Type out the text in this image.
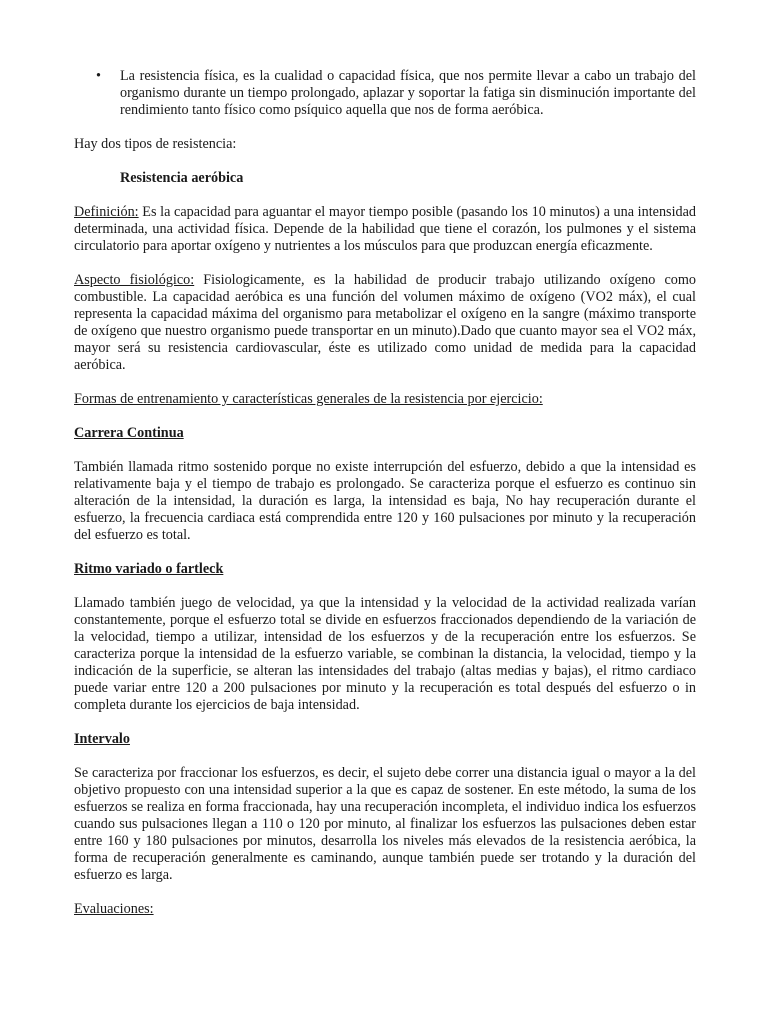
• La resistencia física, es la cualidad o capacidad física, que nos permite llevar a cabo un trabajo del organismo durante un tiempo prolongado, aplazar y soportar la fatiga sin disminución importante del rendimiento tanto físico como psíquico aquella que nos de forma aeróbica.

Hay dos tipos de resistencia:

Resistencia aeróbica

Definición: Es la capacidad para aguantar el mayor tiempo posible (pasando los 10 minutos) a una intensidad determinada, una actividad física. Depende de la habilidad que tiene el corazón, los pulmones y el sistema circulatorio para aportar oxígeno y nutrientes a los músculos para que produzcan energía eficazmente.

Aspecto fisiológico: Fisiologicamente, es la habilidad de producir trabajo utilizando oxígeno como combustible. La capacidad aeróbica es una función del volumen máximo de oxígeno (VO2 máx), el cual representa la capacidad máxima del organismo para metabolizar el oxígeno en la sangre (máximo transporte de oxígeno que nuestro organismo puede transportar en un minuto).Dado que cuanto mayor sea el VO2 máx, mayor será su resistencia cardiovascular, éste es utilizado como unidad de medida para la capacidad aeróbica.

Formas de entrenamiento y características generales de la resistencia por ejercicio:

Carrera Continua

También llamada ritmo sostenido porque no existe interrupción del esfuerzo, debido a que la intensidad es relativamente baja y el tiempo de trabajo es prolongado. Se caracteriza porque el esfuerzo es continuo sin alteración de la intensidad, la duración es larga, la intensidad es baja, No hay recuperación durante el esfuerzo, la frecuencia cardiaca está comprendida entre 120 y 160 pulsaciones por minuto y la recuperación del esfuerzo es total.

Ritmo variado o fartleck

Llamado también juego de velocidad, ya que la intensidad y la velocidad de la actividad realizada varían constantemente, porque el esfuerzo total se divide en esfuerzos fraccionados dependiendo de la variación de la velocidad, tiempo a utilizar, intensidad de los esfuerzos y de la recuperación entre los esfuerzos. Se caracteriza porque la intensidad de la esfuerzo variable, se combinan la distancia, la velocidad, tiempo y la indicación de la superficie, se alteran las intensidades del trabajo (altas medias y bajas), el ritmo cardiaco puede variar entre 120 a 200 pulsaciones por minuto y la recuperación es total después del esfuerzo o in completa durante los ejercicios de baja intensidad.

Intervalo

Se caracteriza por fraccionar los esfuerzos, es decir, el sujeto debe correr una distancia igual o mayor a la del objetivo propuesto con una intensidad superior a la que es capaz de sostener. En este método, la suma de los esfuerzos se realiza en forma fraccionada, hay una recuperación incompleta, el individuo indica los esfuerzos cuando sus pulsaciones llegan a 110 o 120 por minuto, al finalizar los esfuerzos las pulsaciones deben estar entre 160 y 180 pulsaciones por minutos, desarrolla los niveles más elevados de la resistencia aeróbica, la forma de recuperación generalmente es caminando, aunque también puede ser trotando y la duración del esfuerzo es larga.

Evaluaciones:
